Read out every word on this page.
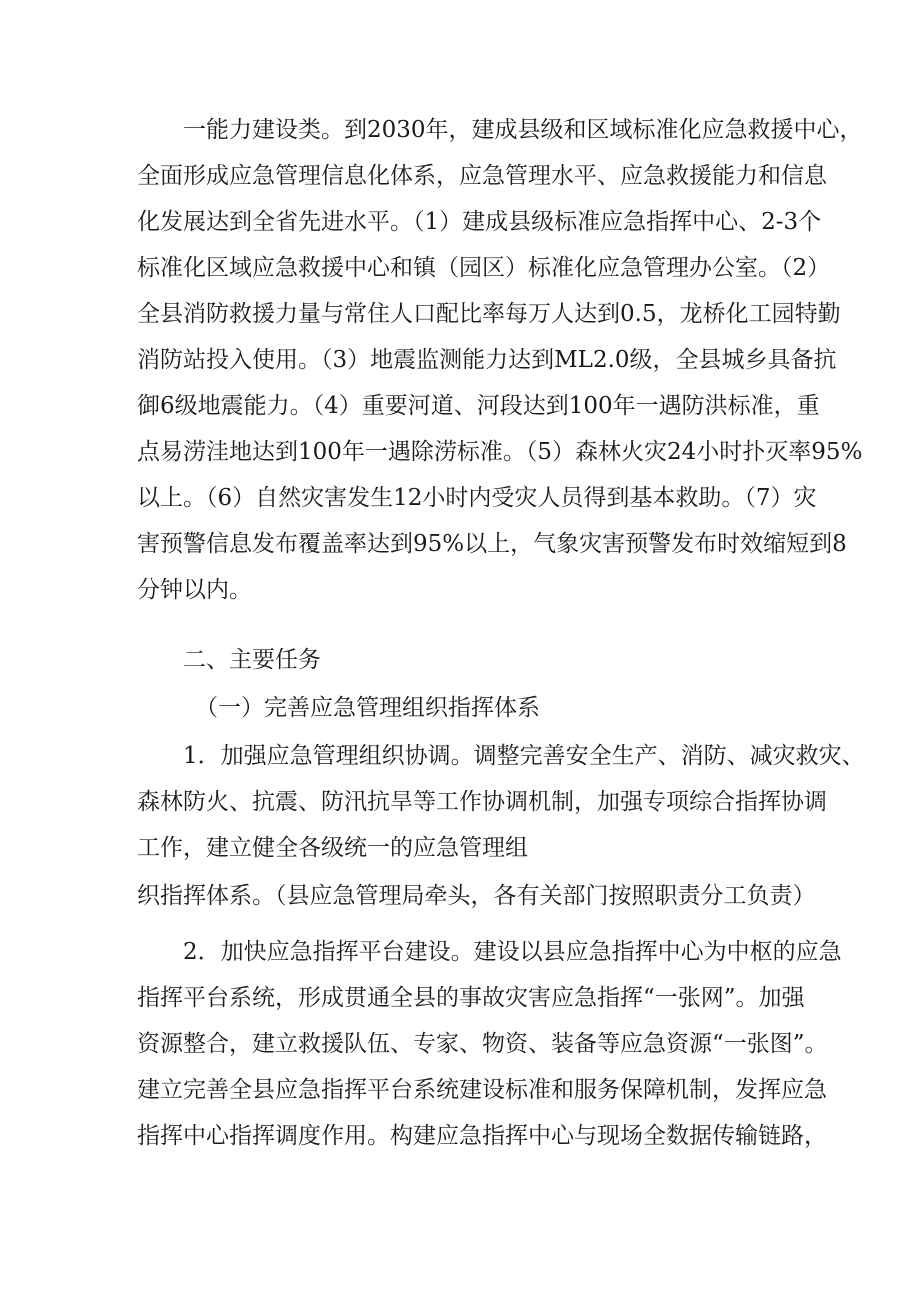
一能力建设类。到2030年，建成县级和区域标准化应急救援中心，
全面形成应急管理信息化体系，应急管理水平、应急救援能力和信息
化发展达到全省先进水平。（1）建成县级标准应急指挥中心、2-3个
标准化区域应急救援中心和镇（园区）标准化应急管理办公室。（2）
全县消防救援力量与常住人口配比率每万人达到0.5，龙桥化工园特勤
消防站投入使用。（3）地震监测能力达到ML2.0级，全县城乡具备抗
御6级地震能力。（4）重要河道、河段达到100年一遇防洪标准，重
点易涝洼地达到100年一遇除涝标准。（5）森林火灾24小时扑灭率95%
以上。（6）自然灾害发生12小时内受灾人员得到基本救助。（7）灾
害预警信息发布覆盖率达到95%以上，气象灾害预警发布时效缩短到8
分钟以内。
二、主要任务
（一）完善应急管理组织指挥体系
1．加强应急管理组织协调。调整完善安全生产、消防、减灾救灾、
森林防火、抗震、防汛抗旱等工作协调机制，加强专项综合指挥协调
工作，建立健全各级统一的应急管理组
织指挥体系。（县应急管理局牵头，各有关部门按照职责分工负责）
2．加快应急指挥平台建设。建设以县应急指挥中心为中枢的应急
指挥平台系统，形成贯通全县的事故灾害应急指挥“一张网”。加强
资源整合，建立救援队伍、专家、物资、装备等应急资源“一张图”。
建立完善全县应急指挥平台系统建设标准和服务保障机制，发挥应急
指挥中心指挥调度作用。构建应急指挥中心与现场全数据传输链路，
